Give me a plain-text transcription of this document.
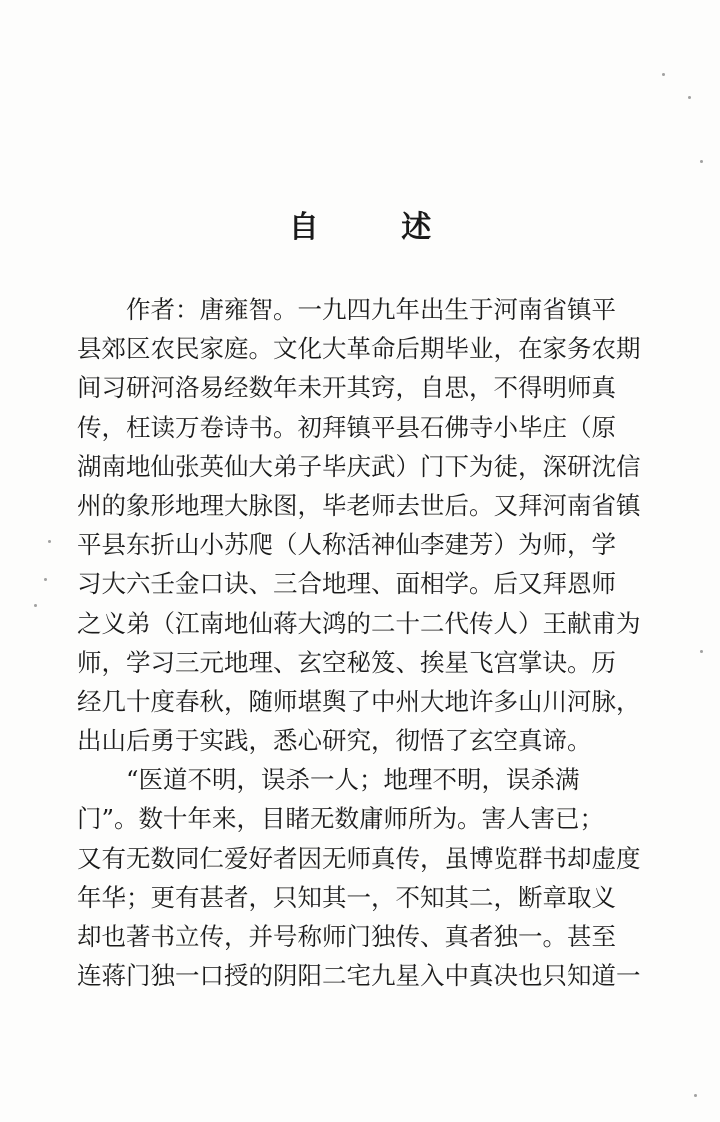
自 述
作者：唐雍智。一九四九年出生于河南省镇平
县郊区农民家庭。文化大革命后期毕业，在家务农期
间习研河洛易经数年未开其窍，自思，不得明师真
传，枉读万卷诗书。初拜镇平县石佛寺小毕庄（原
湖南地仙张英仙大弟子毕庆武）门下为徒，深研沈信
州的象形地理大脉图，毕老师去世后。又拜河南省镇
平县东折山小苏爬（人称活神仙李建芳）为师，学
习大六壬金口诀、三合地理、面相学。后又拜恩师
之义弟（江南地仙蒋大鸿的二十二代传人）王献甫为
师，学习三元地理、玄空秘笈、挨星飞宫掌诀。历
经几十度春秋，随师堪舆了中州大地许多山川河脉，
出山后勇于实践，悉心研究，彻悟了玄空真谛。
“医道不明，误杀一人；地理不明，误杀满
门”。数十年来，目睹无数庸师所为。害人害已；
又有无数同仁爱好者因无师真传，虽博览群书却虚度
年华；更有甚者，只知其一，不知其二，断章取义
却也著书立传，并号称师门独传、真者独一。甚至
连蒋门独一口授的阴阳二宅九星入中真决也只知道一
